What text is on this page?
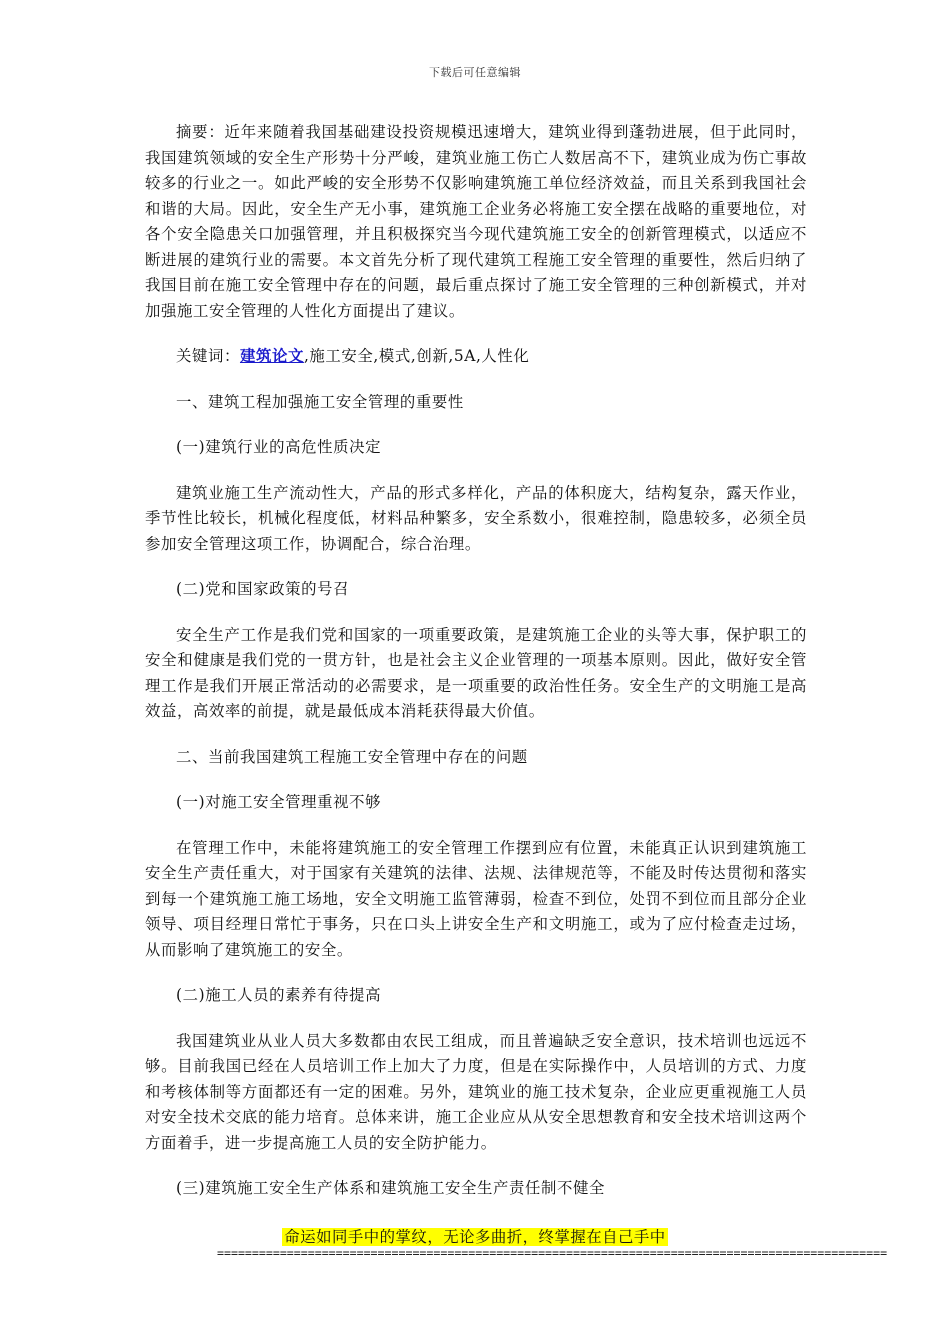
下载后可任意编辑

摘要：近年来随着我国基础建设投资规模迅速增大，建筑业得到蓬勃进展，但于此同时，我国建筑领域的安全生产形势十分严峻，建筑业施工伤亡人数居高不下，建筑业成为伤亡事故较多的行业之一。如此严峻的安全形势不仅影响建筑施工单位经济效益，而且关系到我国社会和谐的大局。因此，安全生产无小事，建筑施工企业务必将施工安全摆在战略的重要地位，对各个安全隐患关口加强管理，并且积极探究当今现代建筑施工安全的创新管理模式，以适应不断进展的建筑行业的需要。本文首先分析了现代建筑工程施工安全管理的重要性，然后归纳了我国目前在施工安全管理中存在的问题，最后重点探讨了施工安全管理的三种创新模式，并对加强施工安全管理的人性化方面提出了建议。

关键词：建筑论文,施工安全,模式,创新,5A,人性化

一、建筑工程加强施工安全管理的重要性

(一)建筑行业的高危性质决定

建筑业施工生产流动性大，产品的形式多样化，产品的体积庞大，结构复杂，露天作业，季节性比较长，机械化程度低，材料品种繁多，安全系数小，很难控制，隐患较多，必须全员参加安全管理这项工作，协调配合，综合治理。

(二)党和国家政策的号召

安全生产工作是我们党和国家的一项重要政策，是建筑施工企业的头等大事，保护职工的安全和健康是我们党的一贯方针，也是社会主义企业管理的一项基本原则。因此，做好安全管理工作是我们开展正常活动的必需要求，是一项重要的政治性任务。安全生产的文明施工是高效益，高效率的前提，就是最低成本消耗获得最大价值。

二、当前我国建筑工程施工安全管理中存在的问题

(一)对施工安全管理重视不够

在管理工作中，未能将建筑施工的安全管理工作摆到应有位置，未能真正认识到建筑施工安全生产责任重大，对于国家有关建筑的法律、法规、法律规范等，不能及时传达贯彻和落实到每一个建筑施工施工场地，安全文明施工监管薄弱，检查不到位，处罚不到位而且部分企业领导、项目经理日常忙于事务，只在口头上讲安全生产和文明施工，或为了应付检查走过场，从而影响了建筑施工的安全。

(二)施工人员的素养有待提高

我国建筑业从业人员大多数都由农民工组成，而且普遍缺乏安全意识，技术培训也远远不够。目前我国已经在人员培训工作上加大了力度，但是在实际操作中，人员培训的方式、力度和考核体制等方面都还有一定的困难。另外，建筑业的施工技术复杂，企业应更重视施工人员对安全技术交底的能力培育。总体来讲，施工企业应从从安全思想教育和安全技术培训这两个方面着手，进一步提高施工人员的安全防护能力。

(三)建筑施工安全生产体系和建筑施工安全生产责任制不健全

命运如同手中的掌纹，无论多曲折，终掌握在自己手中
================================================================================================
